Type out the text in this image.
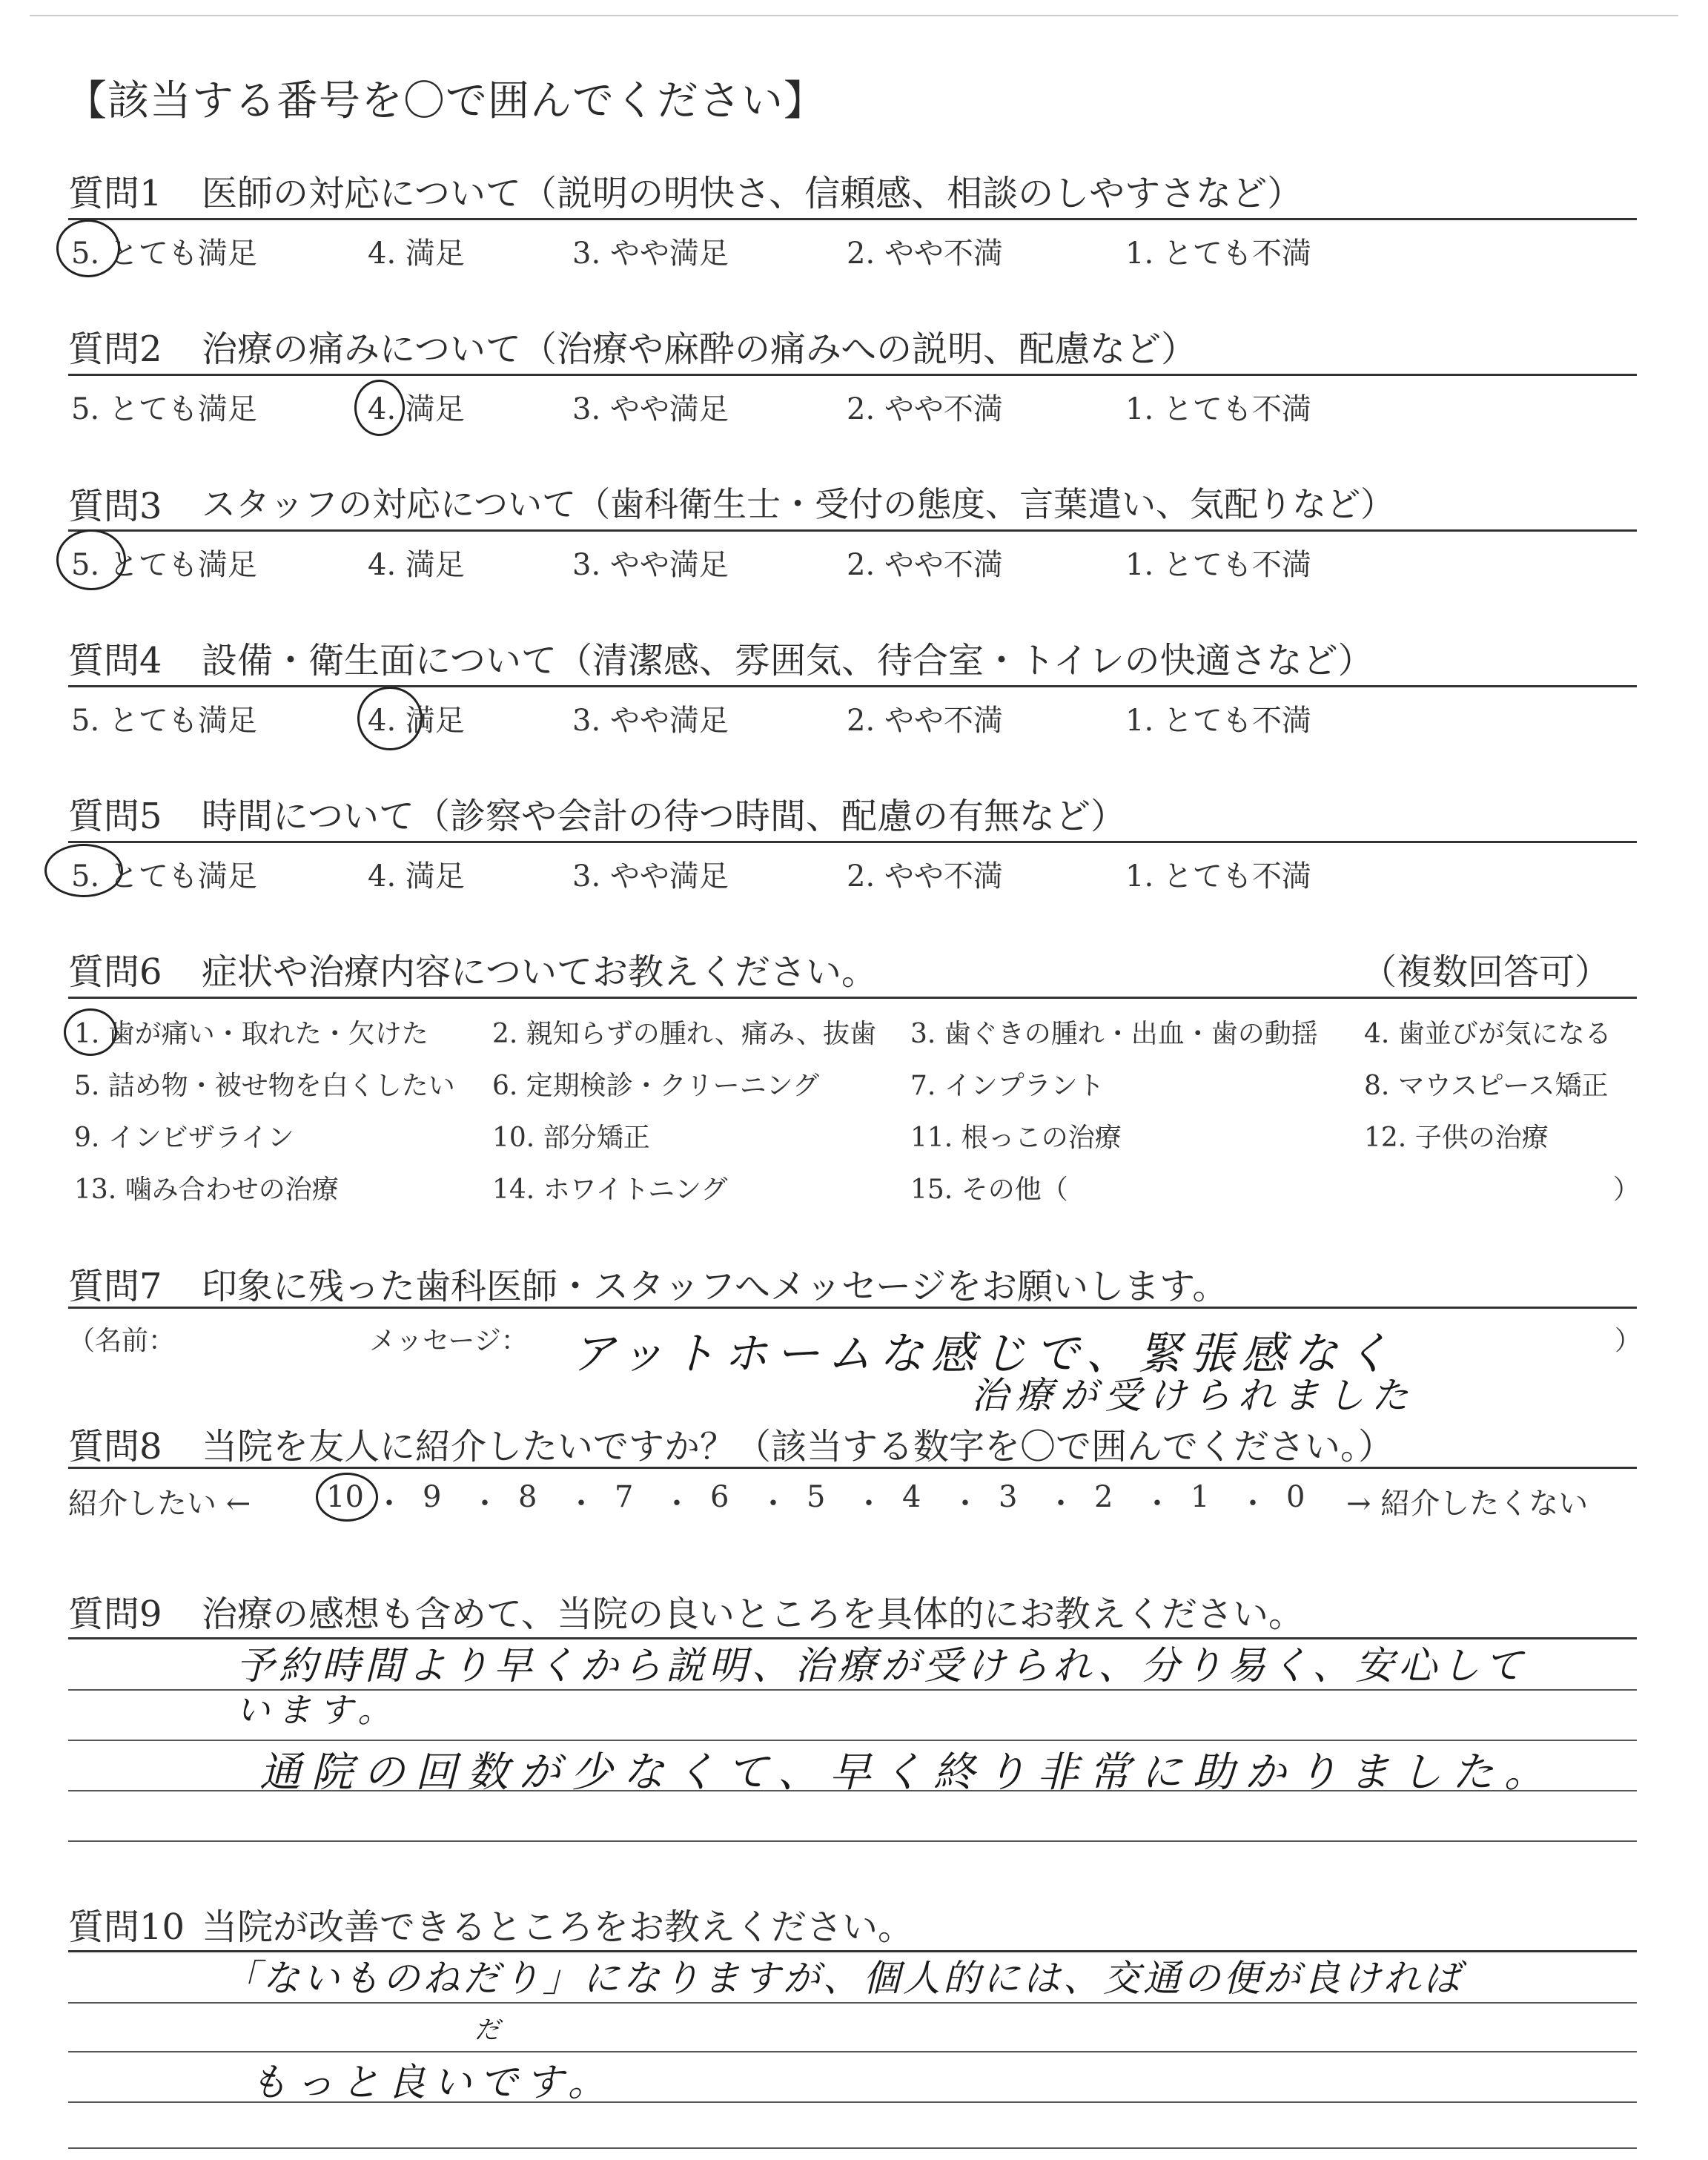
【該当する番号を〇で囲んでください】
質問1 医師の対応について（説明の明快さ、信頼感、相談のしやすさなど）
5. とても満足	4. 満足	3. やや満足	2. やや不満	1. とても不満
質問2 治療の痛みについて（治療や麻酔の痛みへの説明、配慮など）
5. とても満足	4. 満足	3. やや満足	2. やや不満	1. とても不満
質問3 スタッフの対応について（歯科衛生士・受付の態度、言葉遣い、気配りなど）
5. とても満足	4. 満足	3. やや満足	2. やや不満	1. とても不満
質問4 設備・衛生面について（清潔感、雰囲気、待合室・トイレの快適さなど）
5. とても満足	4. 満足	3. やや満足	2. やや不満	1. とても不満
質問5 時間について（診察や会計の待つ時間、配慮の有無など）
5. とても満足	4. 満足	3. やや満足	2. やや不満	1. とても不満
質問6 症状や治療内容についてお教えください。	（複数回答可）
1. 歯が痛い・取れた・欠けた 2. 親知らずの腫れ、痛み、抜歯 3. 歯ぐきの腫れ・出血・歯の動揺 4. 歯並びが気になる
5. 詰め物・被せ物を白くしたい 6. 定期検診・クリーニング	7. インプラント	8. マウスピース矯正
9. インビザライン	10. 部分矯正	11. 根っこの治療	12. 子供の治療
13. 噛み合わせの治療	14. ホワイトニング	15. その他（	）
質問7 印象に残った歯科医師・スタッフへメッセージをお願いします。
（名前：	メッセージ：	）
アットホームな感じで、緊張感なく
治療が受けられました
質問8 当院を友人に紹介したいですか？（該当する数字を〇で囲んでください。）
紹介したい ←	10 ・ 9 ・ 8 ・ 7 ・ 6 ・ 5 ・ 4 ・ 3 ・ 2 ・ 1 ・ 0 → 紹介したくない
質問9 治療の感想も含めて、当院の良いところを具体的にお教えください。
予約時間より早くから説明、治療が受けられ、分り易く、安心して
います。
通院の回数が少なくて、早く終り非常に助かりました。
質問10 当院が改善できるところをお教えください。
「ないものねだり」になりますが、個人的には、交通の便が良ければ
だ
もっと良いです。
